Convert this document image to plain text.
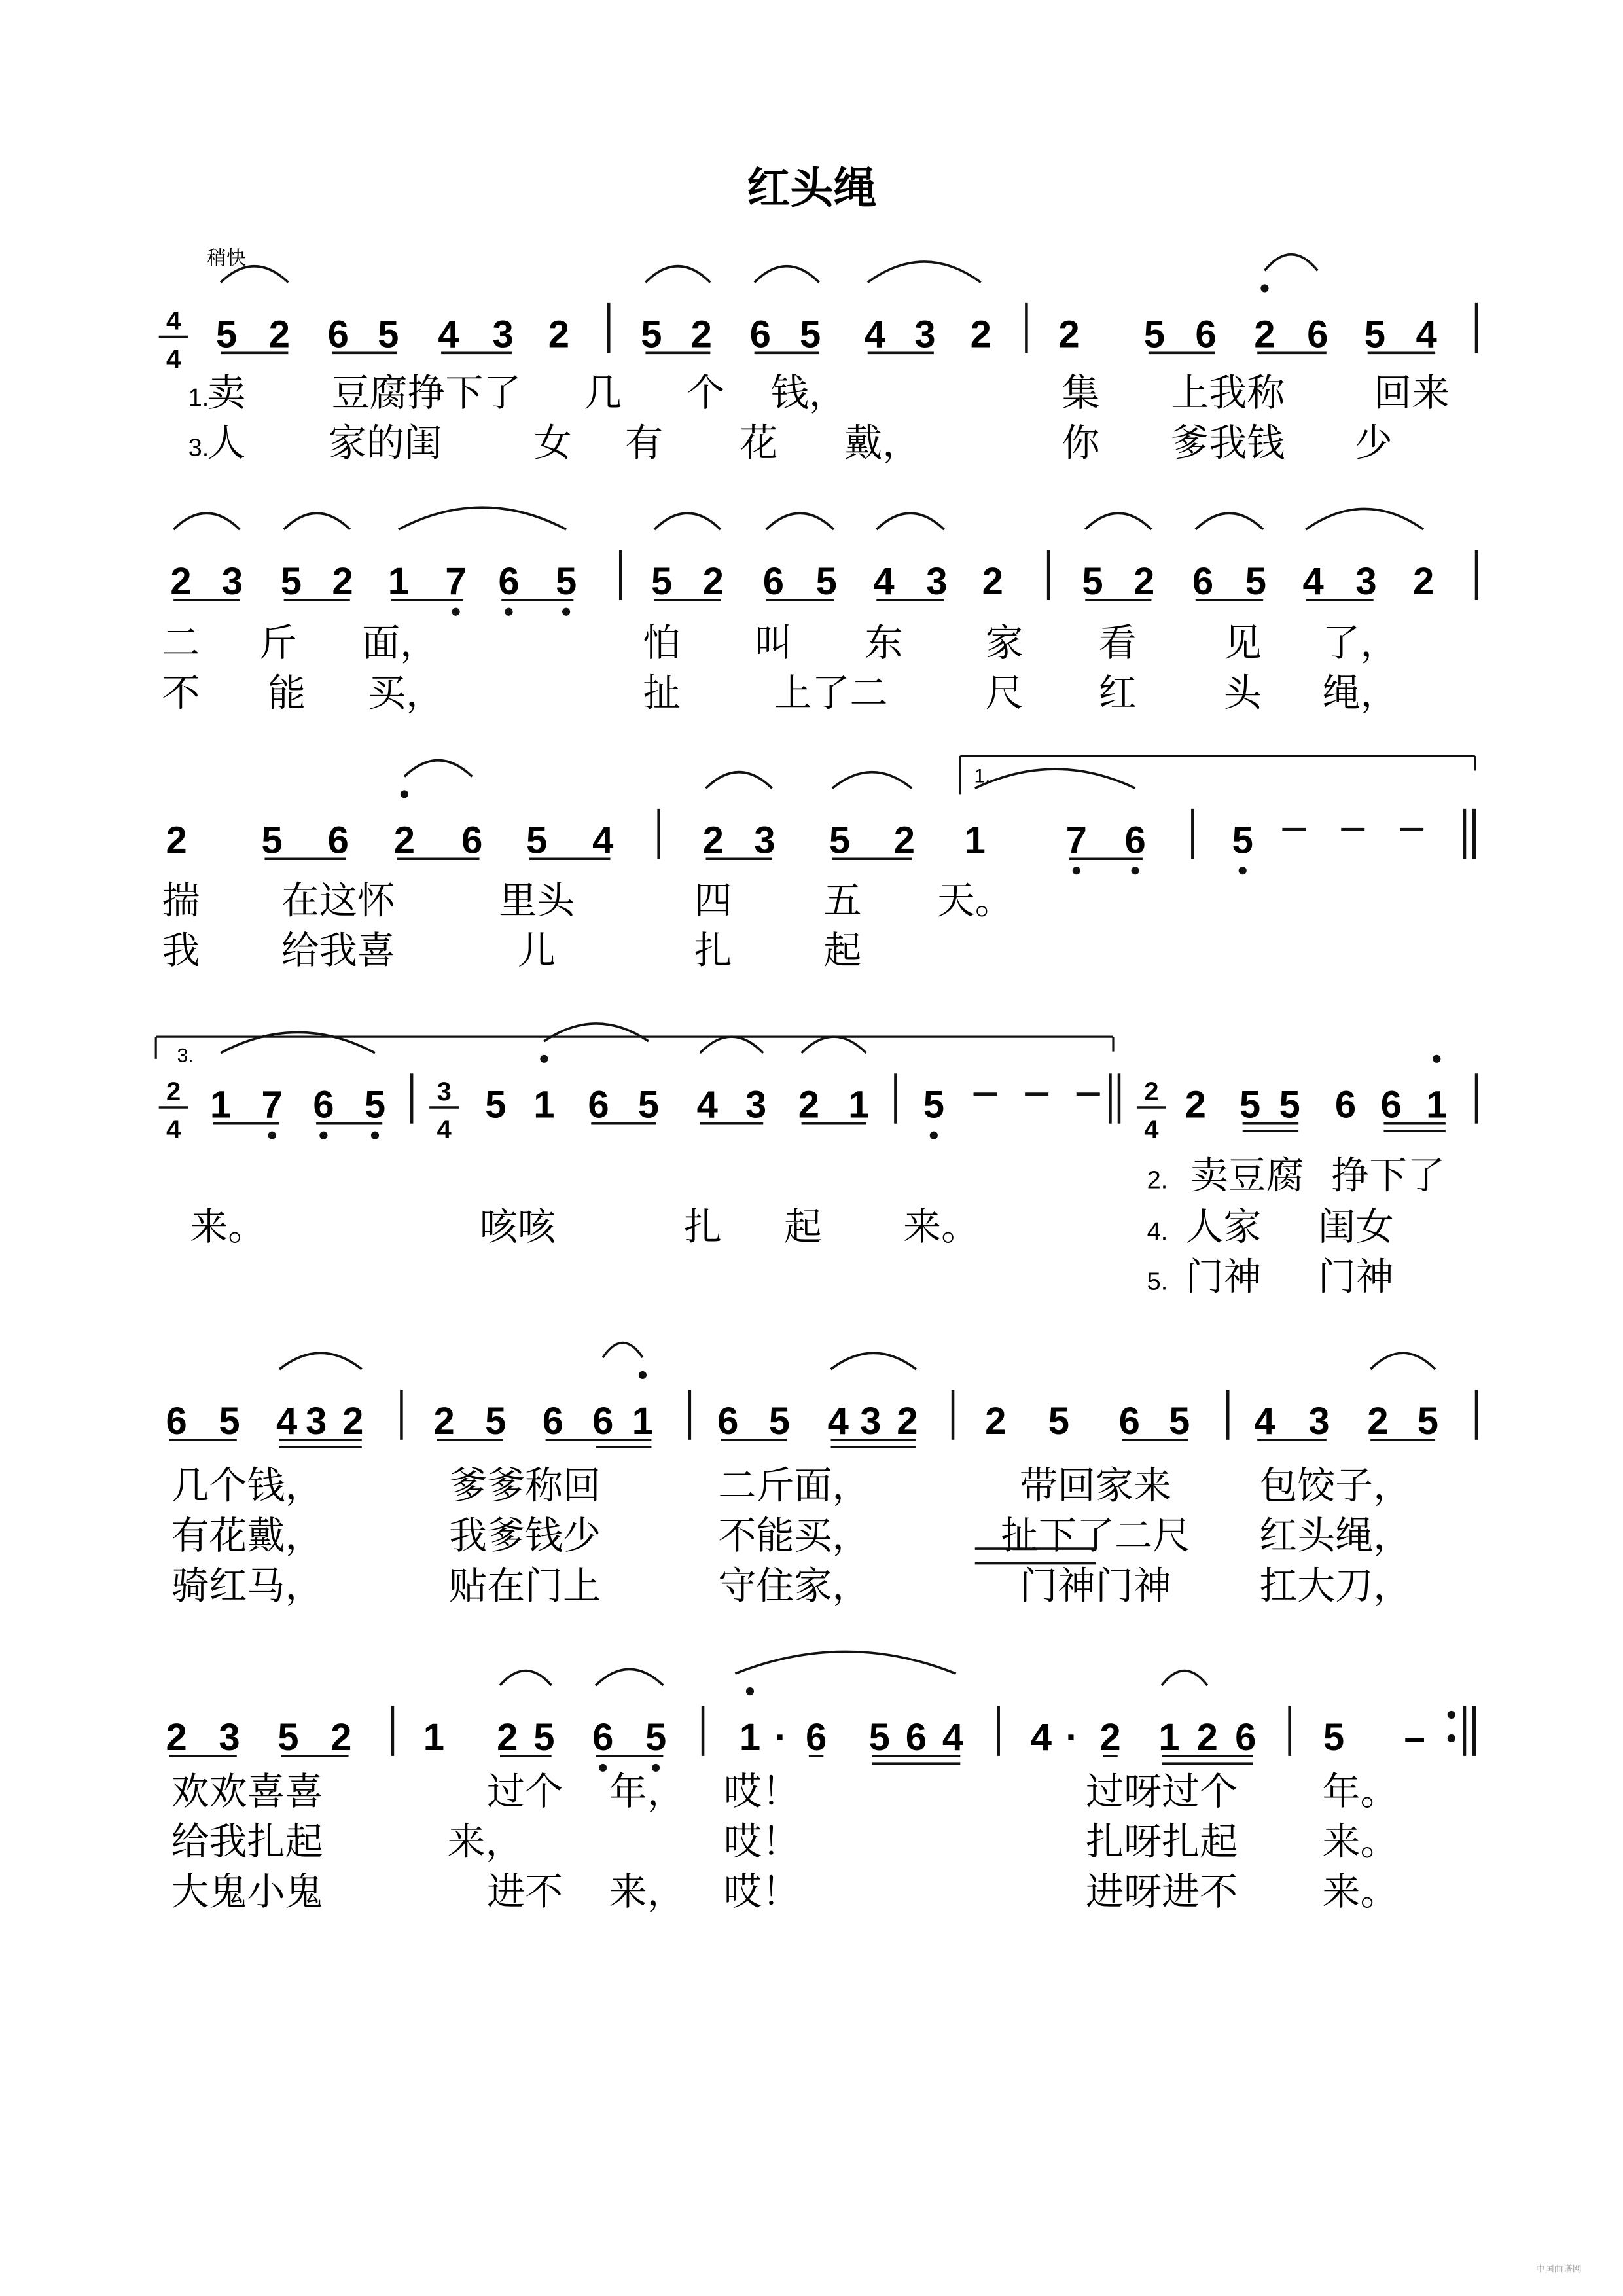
红头绳
稍快
4
4
5 2 6 5 4 3 2 5 2 6 5 4 3 2 2 5 6 2 6 5 4
1.
3.
卖 豆腐挣下了 几 个 钱，	集 上我称 回来
人 家的闺 女 有 花 戴，	你 爹我钱 少
2 3 5 2 1 7 6 5 5 2 6 5 4 3 2 5 2 6 5 4 3 2
二 斤 面，	怕 叫 东 家 看 见 了，
不 能 买，	扯 上了二	尺 红 头 绳，
2 5 6 2 6 5 4 2 3 5 2 1 7 6 5
1.
揣 在这怀	里头	四 五 天。
我 给我喜	儿	扎 起
3.
2
4
1 7 6 5	5 1 6 5 4 3 2 1 5
3
4
2
4
2 5 5 6 6 1
来。	咳咳	扎 起 来。
2.
4.
5.
卖豆腐 挣下了
人家 闺女
门神 门神
6 5 4 3 2 2 5 6 6 1 6 5 4 3 2 2 5 6 5 4 3 2 5
几个钱，	爹爹称回	二斤面，	带回家来 包饺子，
有花戴，	我爹钱少	不能买，	扯下了二尺 红头绳，
骑红马，	贴在门上	守住家，	门神门神 扛大刀，
2 3 5 2 1 2 5 6 5 1 · 6 5 6 4 4 · 2 1 2 6 5 –
欢欢喜喜	过个 年， 哎！	过呀过个 年。
给我扎起	来，	哎！	扎呀扎起 来。
大鬼小鬼	进不 来， 哎！	进呀进不 来。
中国曲谱网
